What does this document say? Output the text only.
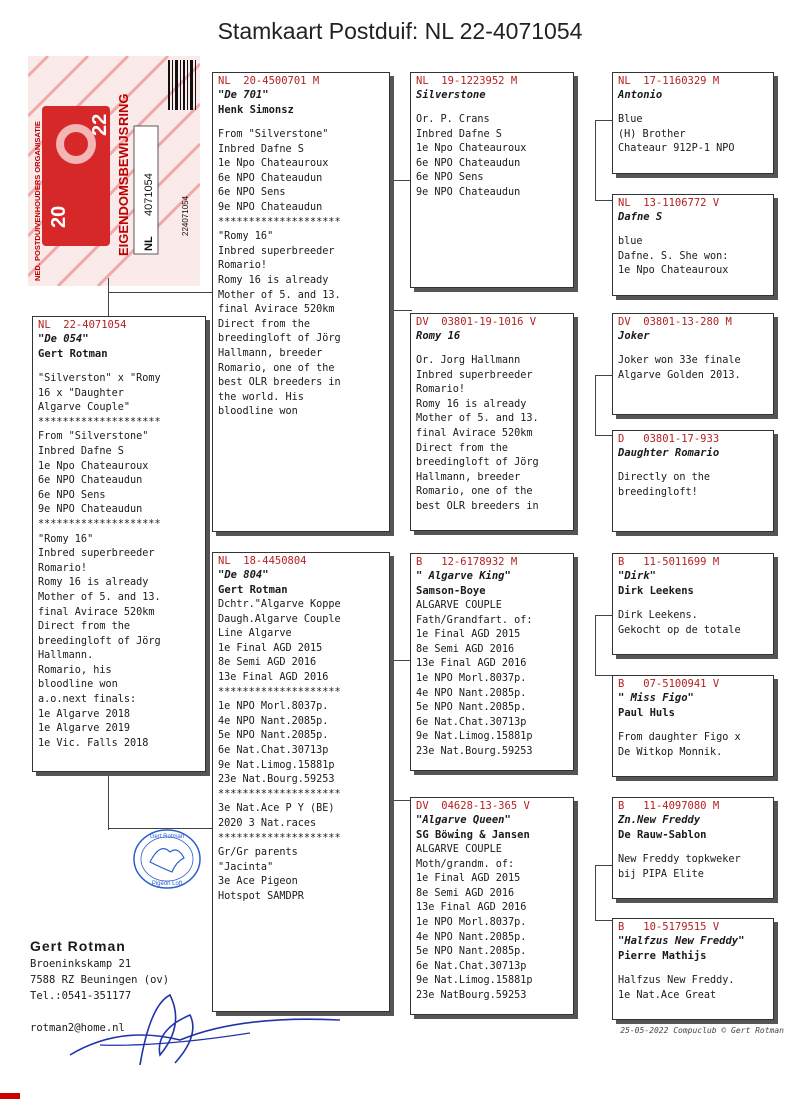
Stamkaart Postduif: NL 22-4071054
20
22
NED. POSTDUIVENHOUDERS ORGANISATIE	EIGENDOMSBEWIJS
RING
NL
4071054	224071054
NL  22-4071054
"De 054"
Gert Rotman
"Silverston" x "Romy
16 x "Daughter
Algarve Couple"
********************
From "Silverstone"
Inbred Dafne S
1e Npo Chateauroux
6e NPO Chateaudun
6e NPO Sens
9e NPO Chateaudun
********************
"Romy 16"
Inbred superbreeder
Romario!
Romy 16 is already
Mother of 5. and 13.
final Avirace 520km
Direct from the
breedingloft of Jörg
Hallmann.
Romario, his
bloodline won
a.o.next finals:
1e Algarve 2018
1e Algarve 2019
1e Vic. Falls 2018
NL  20-4500701 M
"De 701"
Henk Simonsz
From "Silverstone"
Inbred Dafne S
1e Npo Chateauroux
6e NPO Chateaudun
6e NPO Sens
9e NPO Chateaudun
********************
"Romy 16"
Inbred superbreeder
Romario!
Romy 16 is already
Mother of 5. and 13.
final Avirace 520km
Direct from the
breedingloft of Jörg
Hallmann, breeder
Romario, one of the
best OLR breeders in
the world. His
bloodline won
NL  18-4450804
"De 804"
Gert Rotman
Dchtr."Algarve Koppe
Daugh.Algarve Couple
Line Algarve
1e Final AGD 2015
8e Semi AGD 2016
13e Final AGD 2016
********************
1e NPO Morl.8037p.
4e NPO Nant.2085p.
5e NPO Nant.2085p.
6e Nat.Chat.30713p
9e Nat.Limog.15881p
23e Nat.Bourg.59253
********************
3e Nat.Ace P Y (BE)
2020 3 Nat.races
********************
Gr/Gr parents
"Jacinta"
3e Ace Pigeon
Hotspot SAMDPR
NL  19-1223952 M
Silverstone
Or. P. Crans
Inbred Dafne S
1e Npo Chateauroux
6e NPO Chateaudun
6e NPO Sens
9e NPO Chateaudun
DV  03801-19-1016 V
Romy 16
Or. Jorg Hallmann
Inbred superbreeder
Romario!
Romy 16 is already
Mother of 5. and 13.
final Avirace 520km
Direct from the
breedingloft of Jörg
Hallmann, breeder
Romario, one of the
best OLR breeders in
B   12-6178932 M
" Algarve King"
Samson-Boye
ALGARVE COUPLE
Fath/Grandfart. of:
1e Final AGD 2015
8e Semi AGD 2016
13e Final AGD 2016
1e NPO Morl.8037p.
4e NPO Nant.2085p.
5e NPO Nant.2085p.
6e Nat.Chat.30713p
9e Nat.Limog.15881p
23e Nat.Bourg.59253
DV  04628-13-365 V
"Algarve Queen"
SG Böwing & Jansen
ALGARVE COUPLE
Moth/grandm. of:
1e Final AGD 2015
8e Semi AGD 2016
13e Final AGD 2016
1e NPO Morl.8037p.
4e NPO Nant.2085p.
5e NPO Nant.2085p.
6e Nat.Chat.30713p
9e Nat.Limog.15881p
23e NatBourg.59253
NL  17-1160329 M
Antonio
Blue
(H) Brother
Chateaur 912P-1 NPO
NL  13-1106772 V
Dafne S
blue
Dafne. S. She won:
1e Npo Chateauroux
DV  03801-13-280 M
Joker
Joker won 33e finale
Algarve Golden 2013.
D   03801-17-933
Daughter Romario
Directly on the
breedingloft!
B   11-5011699 M
"Dirk"
Dirk Leekens
Dirk Leekens.
Gekocht op de totale
B   07-5100941 V
" Miss Figo"
Paul Huls
From daughter Figo x
De Witkop Monnik.
B   11-4097080 M
Zn.New Freddy
De Rauw-Sablon
New Freddy topkweker
bij PIPA Elite
B   10-5179515 V
"Halfzus New Freddy"
Pierre Mathijs
Halfzus New Freddy.
1e Nat.Ace Great
Gert Rotman
Pigeon Loft
Gert Rotman
Broeninkskamp 21
7588 RZ Beuningen (ov)
Tel.:0541-351177
rotman2@home.nl	25-05-2022 Compuclub © Gert Rotman
